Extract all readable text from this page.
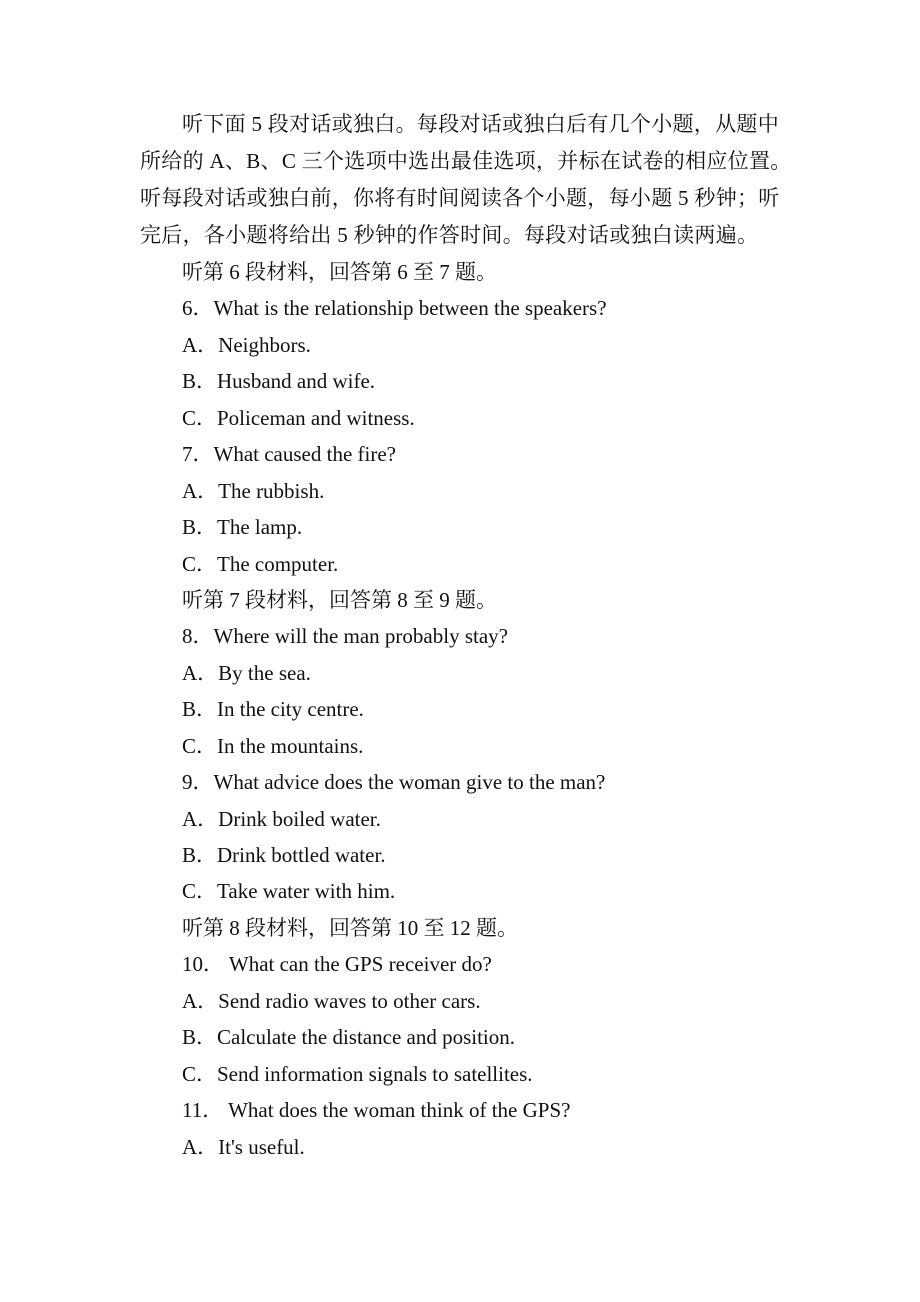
听下面 5 段对话或独白。每段对话或独白后有几个小题，从题中
所给的 A、B、C 三个选项中选出最佳选项，并标在试卷的相应位置。
听每段对话或独白前，你将有时间阅读各个小题，每小题 5 秒钟；听
完后，各小题将给出 5 秒钟的作答时间。每段对话或独白读两遍。
听第 6 段材料，回答第 6 至 7 题。
6．What is the relationship between the speakers?
A．Neighbors.
B．Husband and wife.
C．Policeman and witness.
7．What caused the fire?
A．The rubbish.
B．The lamp.
C．The computer.
听第 7 段材料，回答第 8 至 9 题。
8．Where will the man probably stay?
A．By the sea.
B．In the city centre.
C．In the mountains.
9．What advice does the woman give to the man?
A．Drink boiled water.
B．Drink bottled water.
C．Take water with him.
听第 8 段材料，回答第 10 至 12 题。
10． What can the GPS receiver do?
A．Send radio waves to other cars.
B．Calculate the distance and position.
C．Send information signals to satellites.
11． What does the woman think of the GPS?
A．It's useful.
